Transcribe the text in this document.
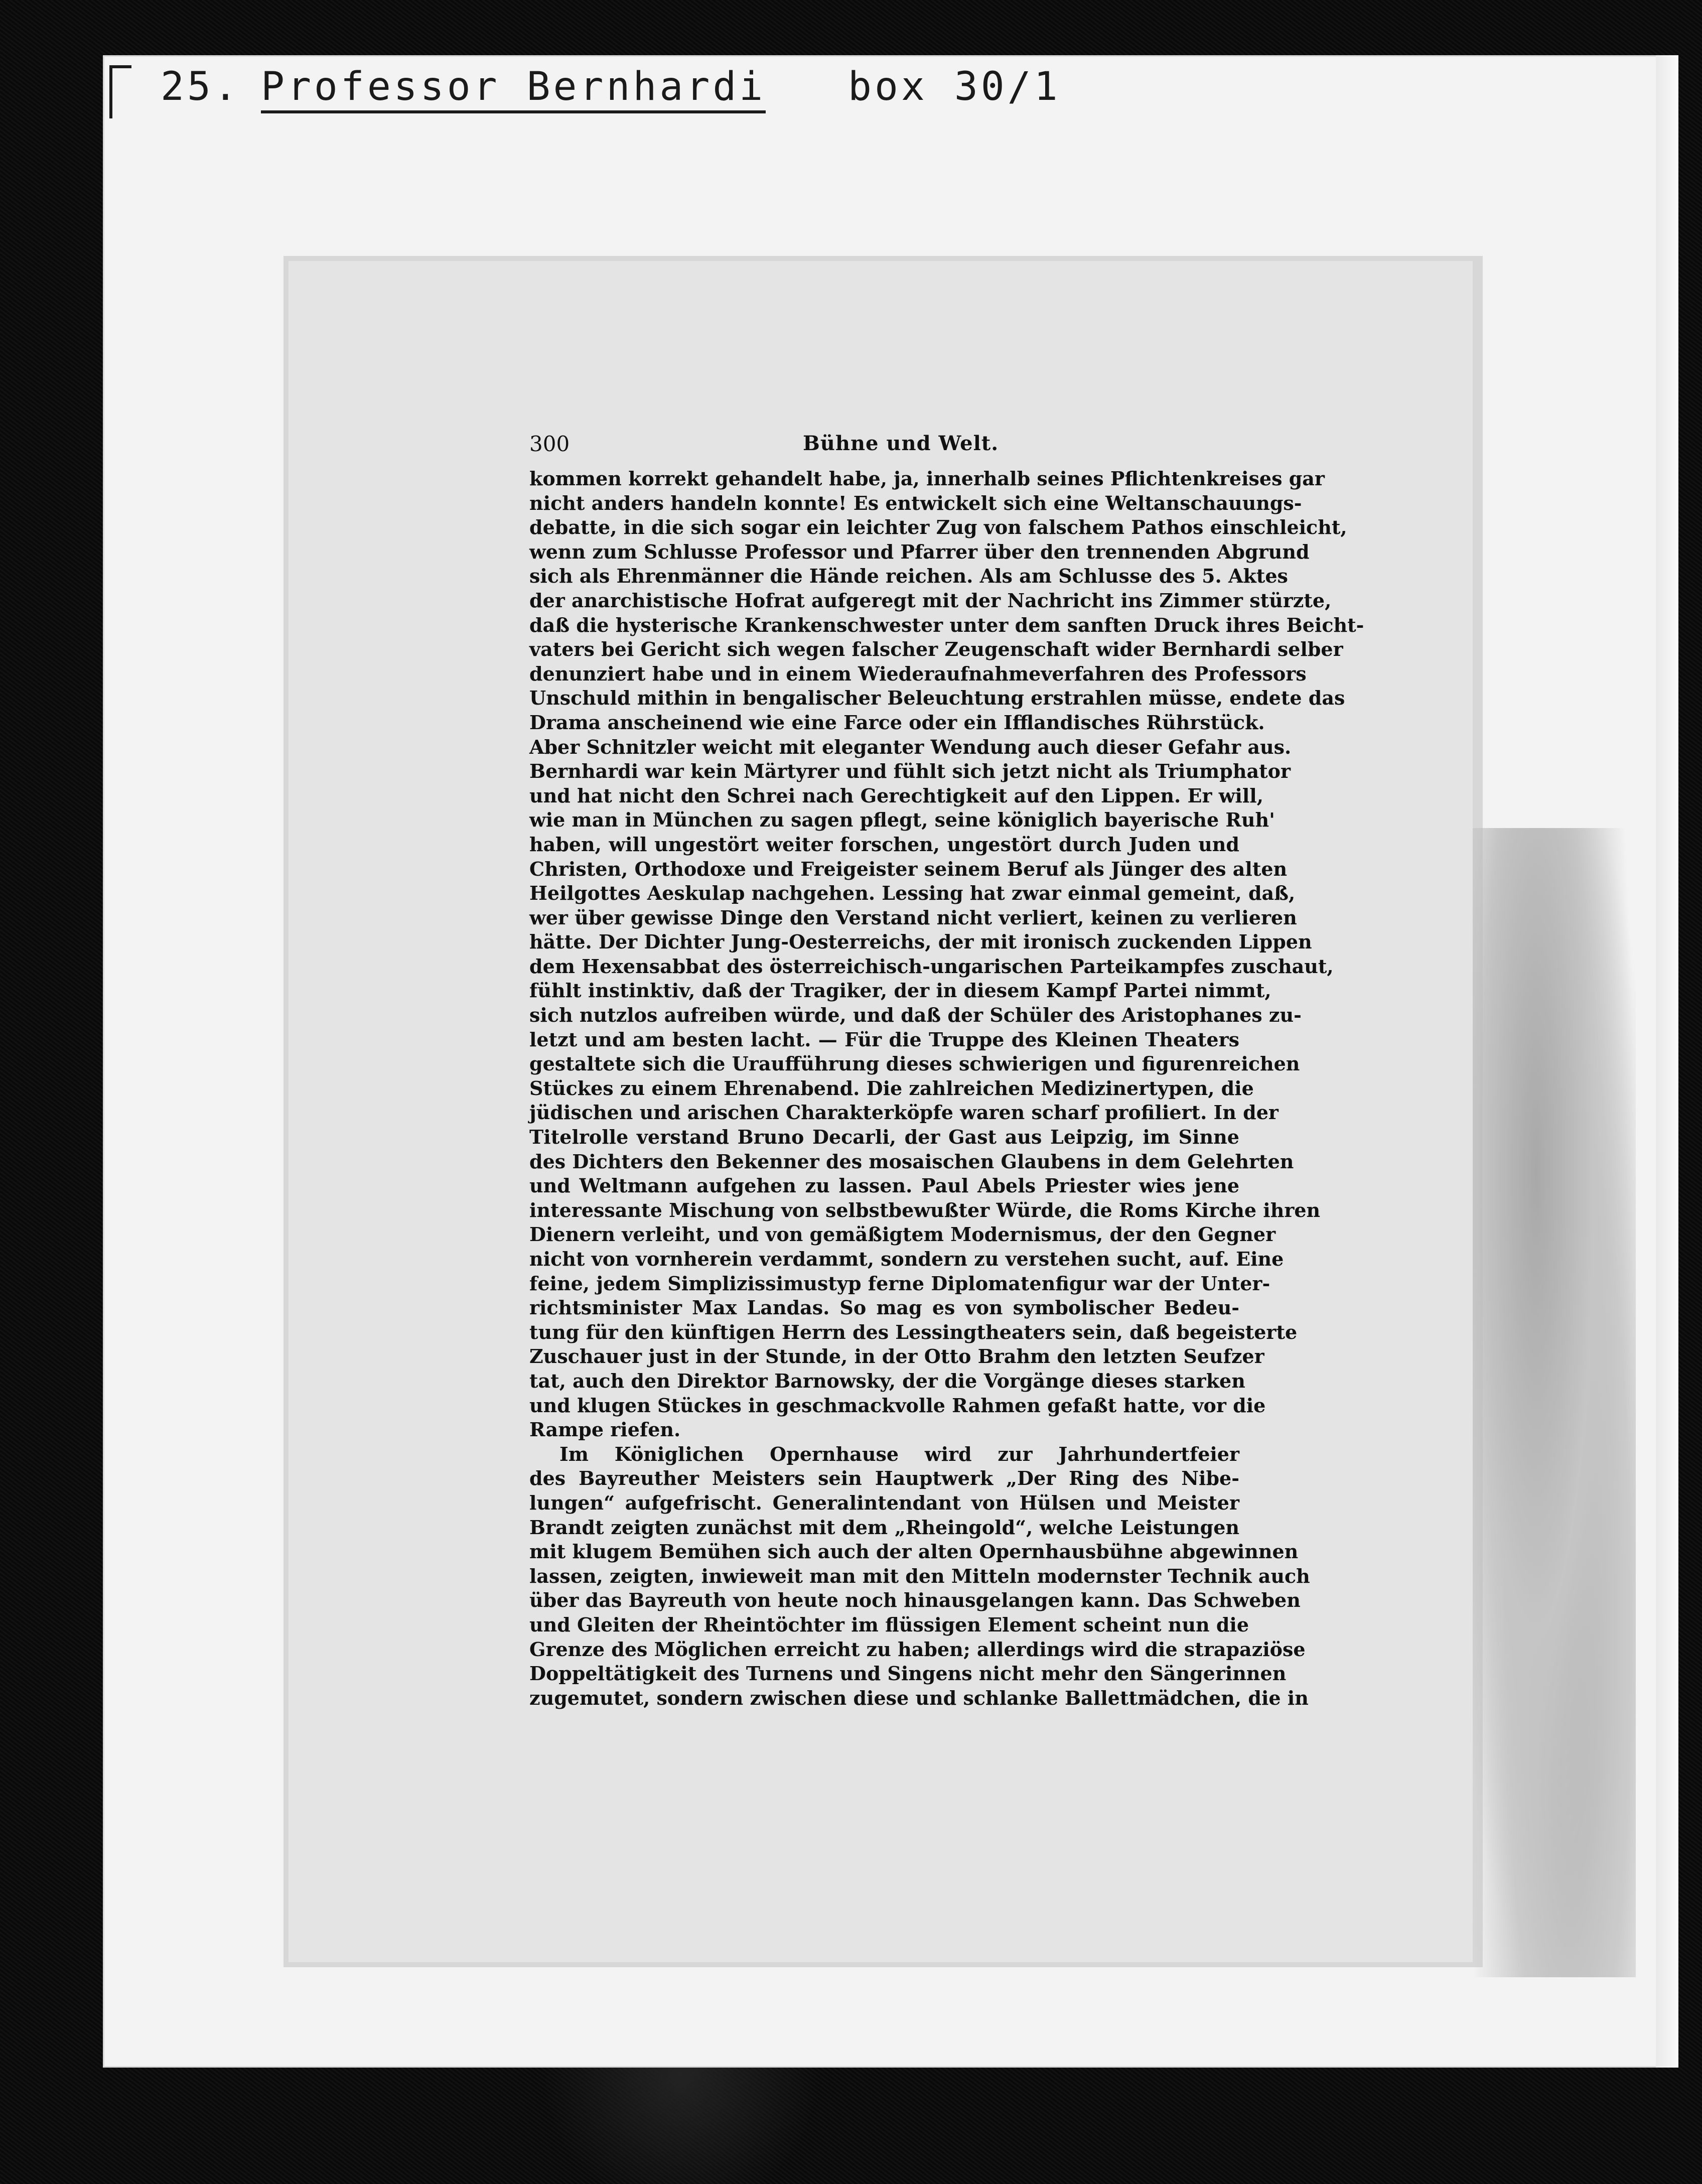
25. Professor Bernhardi box 30/1
300	Bühne und Welt.
kommen korrekt gehandelt habe, ja, innerhalb seines Pflichtenkreises gar
nicht anders handeln konnte! Es entwickelt sich eine Weltanschauungs-
debatte, in die sich sogar ein leichter Zug von falschem Pathos einschleicht,
wenn zum Schlusse Professor und Pfarrer über den trennenden Abgrund
sich als Ehrenmänner die Hände reichen. Als am Schlusse des 5. Aktes
der anarchistische Hofrat aufgeregt mit der Nachricht ins Zimmer stürzte,
daß die hysterische Krankenschwester unter dem sanften Druck ihres Beicht-
vaters bei Gericht sich wegen falscher Zeugenschaft wider Bernhardi selber
denunziert habe und in einem Wiederaufnahmeverfahren des Professors
Unschuld mithin in bengalischer Beleuchtung erstrahlen müsse, endete das
Drama anscheinend wie eine Farce oder ein Ifflandisches Rührstück.
Aber Schnitzler weicht mit eleganter Wendung auch dieser Gefahr aus.
Bernhardi war kein Märtyrer und fühlt sich jetzt nicht als Triumphator
und hat nicht den Schrei nach Gerechtigkeit auf den Lippen. Er will,
wie man in München zu sagen pflegt, seine königlich bayerische Ruh'
haben, will ungestört weiter forschen, ungestört durch Juden und
Christen, Orthodoxe und Freigeister seinem Beruf als Jünger des alten
Heilgottes Aeskulap nachgehen. Lessing hat zwar einmal gemeint, daß,
wer über gewisse Dinge den Verstand nicht verliert, keinen zu verlieren
hätte. Der Dichter Jung-Oesterreichs, der mit ironisch zuckenden Lippen
dem Hexensabbat des österreichisch-ungarischen Parteikampfes zuschaut,
fühlt instinktiv, daß der Tragiker, der in diesem Kampf Partei nimmt,
sich nutzlos aufreiben würde, und daß der Schüler des Aristophanes zu-
letzt und am besten lacht. — Für die Truppe des Kleinen Theaters
gestaltete sich die Uraufführung dieses schwierigen und figurenreichen
Stückes zu einem Ehrenabend. Die zahlreichen Medizinertypen, die
jüdischen und arischen Charakterköpfe waren scharf profiliert. In der
Titelrolle verstand Bruno Decarli, der Gast aus Leipzig, im Sinne
des Dichters den Bekenner des mosaischen Glaubens in dem Gelehrten
und Weltmann aufgehen zu lassen. Paul Abels Priester wies jene
interessante Mischung von selbstbewußter Würde, die Roms Kirche ihren
Dienern verleiht, und von gemäßigtem Modernismus, der den Gegner
nicht von vornherein verdammt, sondern zu verstehen sucht, auf. Eine
feine, jedem Simplizissimustyp ferne Diplomatenfigur war der Unter-
richtsminister Max Landas. So mag es von symbolischer Bedeu-
tung für den künftigen Herrn des Lessingtheaters sein, daß begeisterte
Zuschauer just in der Stunde, in der Otto Brahm den letzten Seufzer
tat, auch den Direktor Barnowsky, der die Vorgänge dieses starken
und klugen Stückes in geschmackvolle Rahmen gefaßt hatte, vor die
Rampe riefen.
Im Königlichen Opernhause wird zur Jahrhundertfeier
des Bayreuther Meisters sein Hauptwerk „Der Ring des Nibe-
lungen“ aufgefrischt. Generalintendant von Hülsen und Meister
Brandt zeigten zunächst mit dem „Rheingold“, welche Leistungen
mit klugem Bemühen sich auch der alten Opernhausbühne abgewinnen
lassen, zeigten, inwieweit man mit den Mitteln modernster Technik auch
über das Bayreuth von heute noch hinausgelangen kann. Das Schweben
und Gleiten der Rheintöchter im flüssigen Element scheint nun die
Grenze des Möglichen erreicht zu haben; allerdings wird die strapaziöse
Doppeltätigkeit des Turnens und Singens nicht mehr den Sängerinnen
zugemutet, sondern zwischen diese und schlanke Ballettmädchen, die in
